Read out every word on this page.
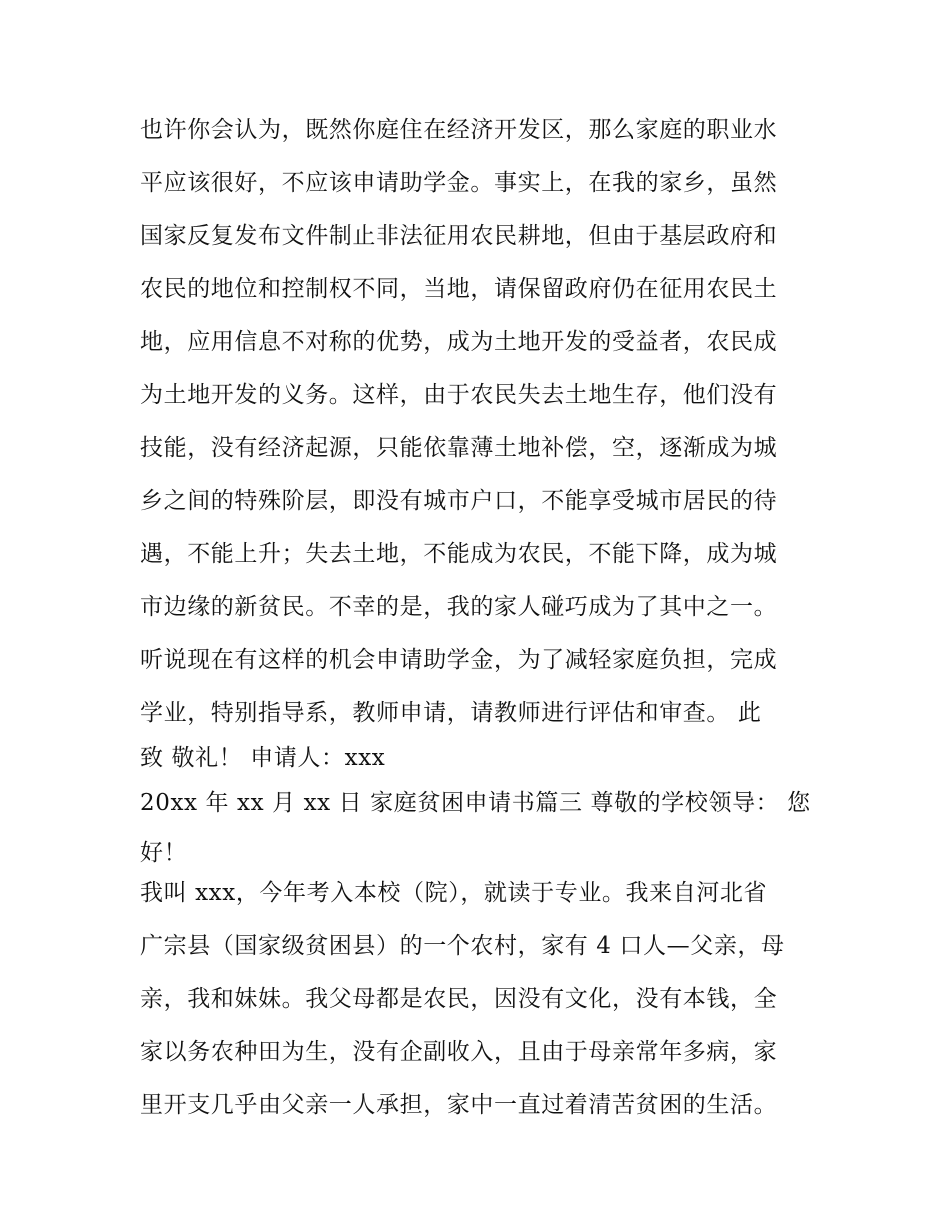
也许你会认为，既然你庭住在经济开发区，那么家庭的职业水
平应该很好，不应该申请助学金。事实上，在我的家乡，虽然
国家反复发布文件制止非法征用农民耕地，但由于基层政府和
农民的地位和控制权不同，当地，请保留政府仍在征用农民土
地，应用信息不对称的优势，成为土地开发的受益者，农民成
为土地开发的义务。这样，由于农民失去土地生存，他们没有
技能，没有经济起源，只能依靠薄土地补偿，空，逐渐成为城
乡之间的特殊阶层，即没有城市户口，不能享受城市居民的待
遇，不能上升；失去土地，不能成为农民，不能下降，成为城
市边缘的新贫民。不幸的是，我的家人碰巧成为了其中之一。
听说现在有这样的机会申请助学金，为了减轻家庭负担，完成
学业，特别指导系，教师申请，请教师进行评估和审查。 此
致 敬礼！ 申请人：xxx
20xx 年 xx 月 xx 日 家庭贫困申请书篇三 尊敬的学校领导： 您
好！
我叫 xxx，今年考入本校（院），就读于专业。我来自河北省
广宗县（国家级贫困县）的一个农村，家有 4 口人—父亲，母
亲，我和妹妹。我父母都是农民，因没有文化，没有本钱，全
家以务农种田为生，没有企副收入，且由于母亲常年多病，家
里开支几乎由父亲一人承担，家中一直过着清苦贫困的生活。
